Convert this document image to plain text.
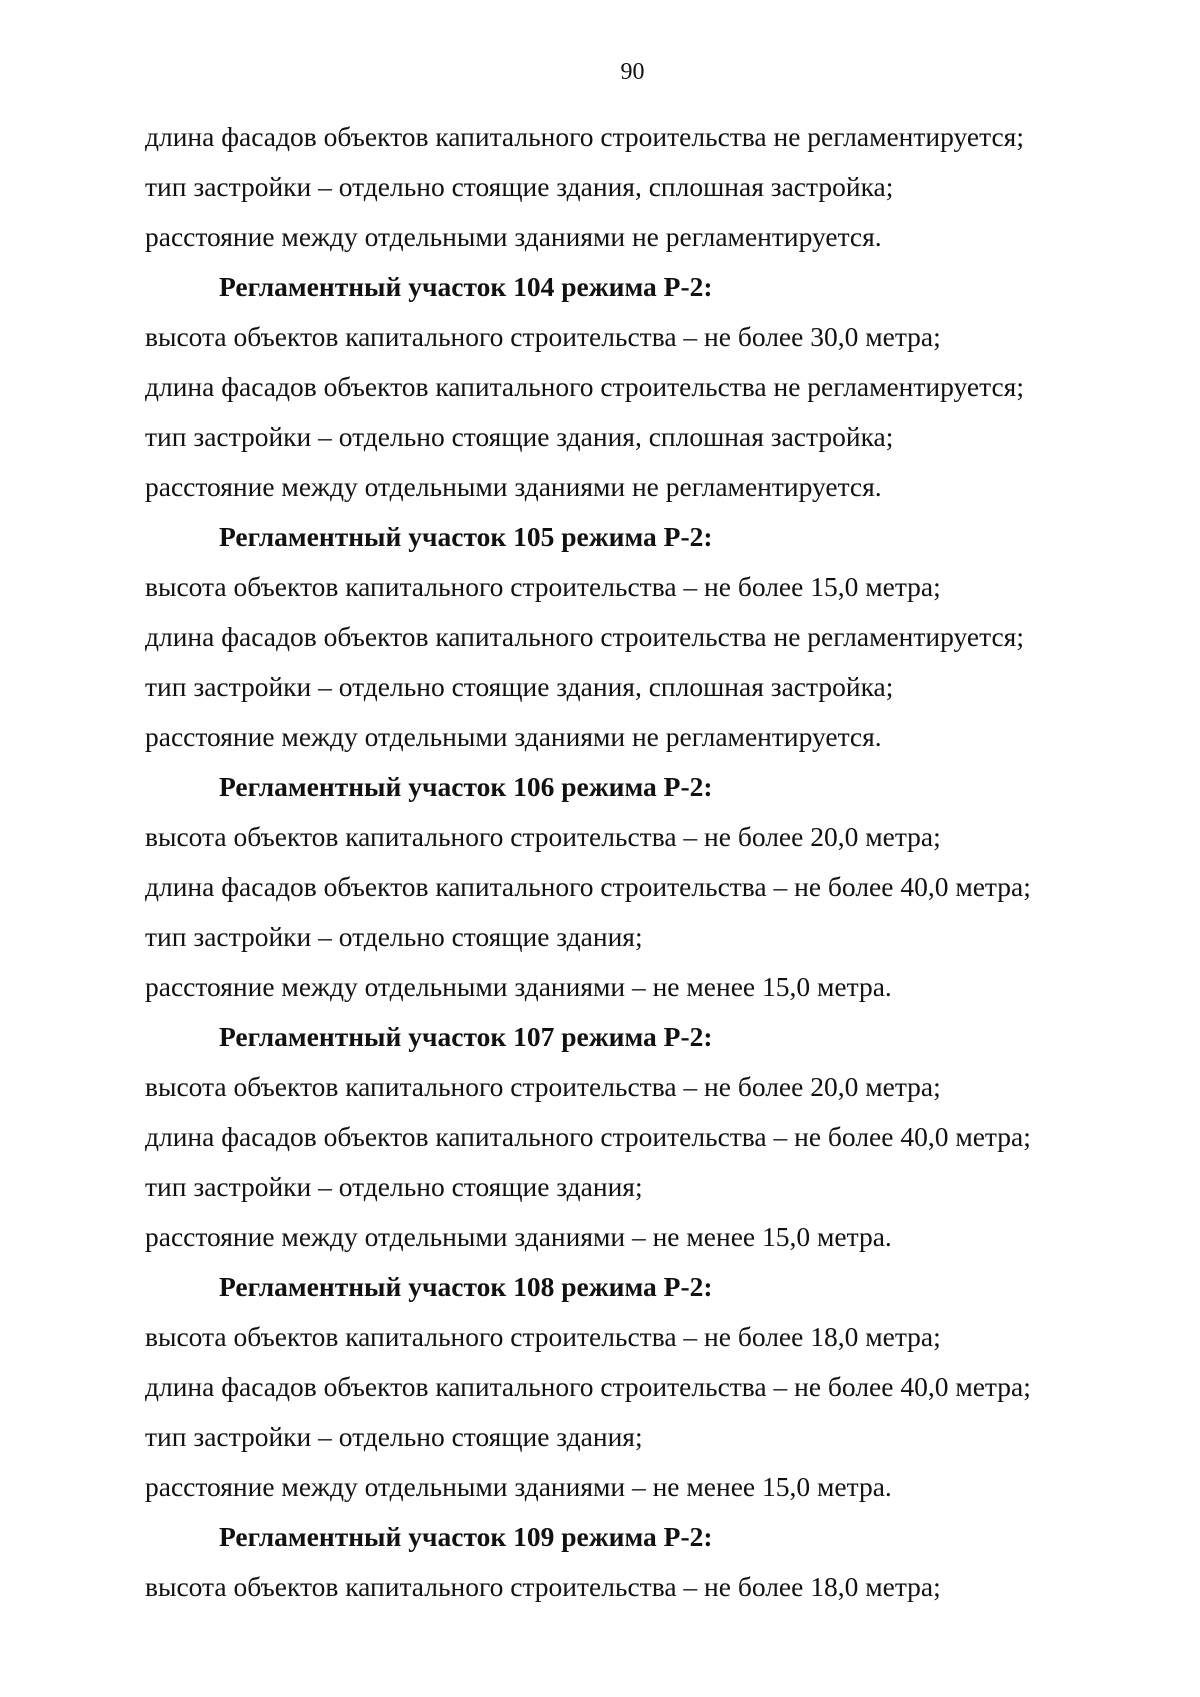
90

длина фасадов объектов капитального строительства не регламентируется;

тип застройки – отдельно стоящие здания, сплошная застройка;

расстояние между отдельными зданиями не регламентируется.

Регламентный участок 104 режима Р-2:

высота объектов капитального строительства – не более 30,0 метра;

длина фасадов объектов капитального строительства не регламентируется;

тип застройки – отдельно стоящие здания, сплошная застройка;

расстояние между отдельными зданиями не регламентируется.

Регламентный участок 105 режима Р-2:

высота объектов капитального строительства – не более 15,0 метра;

длина фасадов объектов капитального строительства не регламентируется;

тип застройки – отдельно стоящие здания, сплошная застройка;

расстояние между отдельными зданиями не регламентируется.

Регламентный участок 106 режима Р-2:

высота объектов капитального строительства – не более 20,0 метра;

длина фасадов объектов капитального строительства – не более 40,0 метра;

тип застройки – отдельно стоящие здания;

расстояние между отдельными зданиями – не менее 15,0 метра.

Регламентный участок 107 режима Р-2:

высота объектов капитального строительства – не более 20,0 метра;

длина фасадов объектов капитального строительства – не более 40,0 метра;

тип застройки – отдельно стоящие здания;

расстояние между отдельными зданиями – не менее 15,0 метра.

Регламентный участок 108 режима Р-2:

высота объектов капитального строительства – не более 18,0 метра;

длина фасадов объектов капитального строительства – не более 40,0 метра;

тип застройки – отдельно стоящие здания;

расстояние между отдельными зданиями – не менее 15,0 метра.

Регламентный участок 109 режима Р-2:

высота объектов капитального строительства – не более 18,0 метра;
